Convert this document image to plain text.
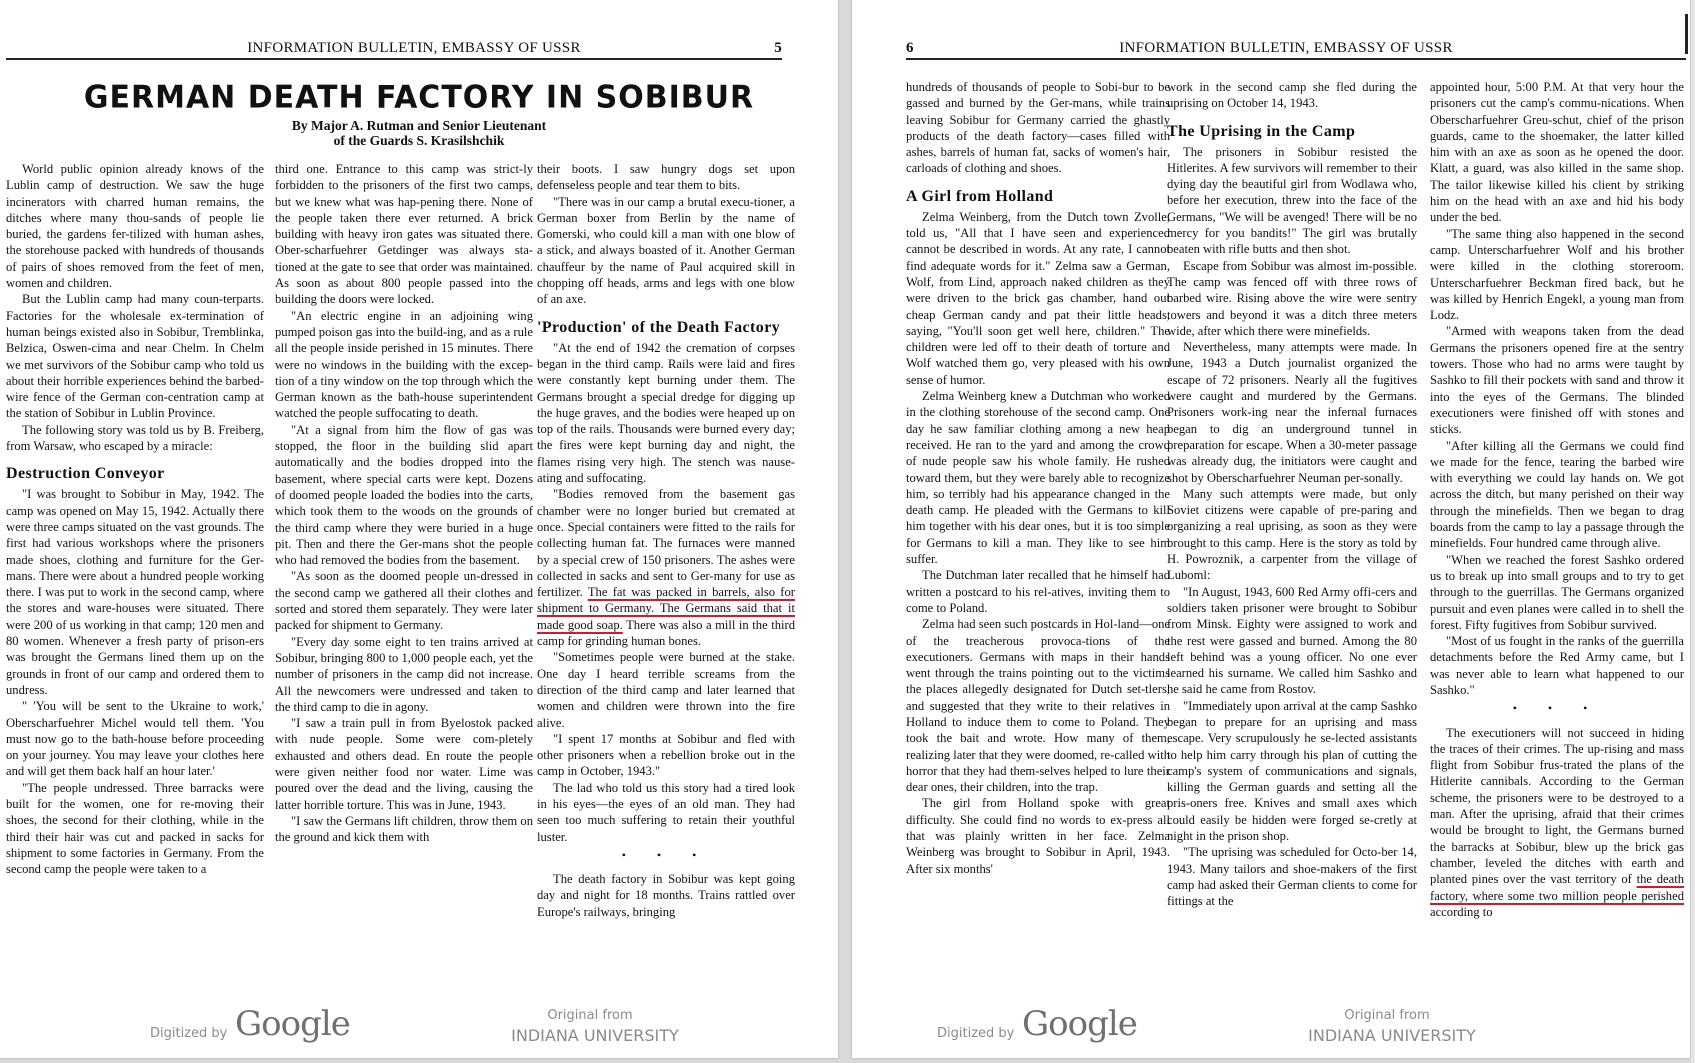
INFORMATION BULLETIN, EMBASSY OF USSR	5
GERMAN DEATH FACTORY IN SOBIBUR
By Major A. Rutman and Senior Lieutenant
of the Guards S. Krasilshchik

World public opinion already knows of the Lublin camp of destruction. We saw the huge incinerators with charred human remains, the ditches where many thou-sands of people lie buried, the gardens fer-tilized with human ashes, the storehouse packed with hundreds of thousands of pairs of shoes removed from the feet of men, women and children.

But the Lublin camp had many coun-terparts. Factories for the wholesale ex-termination of human beings existed also in Sobibur, Tremblinka, Belzica, Oswen-cima and near Chelm. In Chelm we met survivors of the Sobibur camp who told us about their horrible experiences behind the barbed-wire fence of the German con-centration camp at the station of Sobibur in Lublin Province.

The following story was told us by B. Freiberg, from Warsaw, who escaped by a miracle:

Destruction Conveyor

"I was brought to Sobibur in May, 1942. The camp was opened on May 15, 1942. Actually there were three camps situated on the vast grounds. The first had various workshops where the prisoners made shoes, clothing and furniture for the Ger-mans. There were about a hundred people working there. I was put to work in the second camp, where the stores and ware-houses were situated. There were 200 of us working in that camp; 120 men and 80 women. Whenever a fresh party of prison-ers was brought the Germans lined them up on the grounds in front of our camp and ordered them to undress.

" 'You will be sent to the Ukraine to work,' Oberscharfuehrer Michel would tell them. 'You must now go to the bath-house before proceeding on your journey. You may leave your clothes here and will get them back half an hour later.'

"The people undressed. Three barracks were built for the women, one for re-moving their shoes, the second for their clothing, while in the third their hair was cut and packed in sacks for shipment to some factories in Germany. From the second camp the people were taken to a

third one. Entrance to this camp was strict-ly forbidden to the prisoners of the first two camps, but we knew what was hap-pening there. None of the people taken there ever returned. A brick building with heavy iron gates was situated there. Ober-scharfuehrer Getdinger was always sta-tioned at the gate to see that order was maintained. As soon as about 800 people passed into the building the doors were locked.

"An electric engine in an adjoining wing pumped poison gas into the build-ing, and as a rule all the people inside perished in 15 minutes. There were no windows in the building with the excep-tion of a tiny window on the top through which the German known as the bath-house superintendent watched the people suffocating to death.

"At a signal from him the flow of gas was stopped, the floor in the building slid apart automatically and the bodies dropped into the basement, where special carts were kept. Dozens of doomed people loaded the bodies into the carts, which took them to the woods on the grounds of the third camp where they were buried in a huge pit. Then and there the Ger-mans shot the people who had removed the bodies from the basement.

"As soon as the doomed people un-dressed in the second camp we gathered all their clothes and sorted and stored them separately. They were later packed for shipment to Germany.

"Every day some eight to ten trains arrived at Sobibur, bringing 800 to 1,000 people each, yet the number of prisoners in the camp did not increase. All the newcomers were undressed and taken to the third camp to die in agony.

"I saw a train pull in from Byelostok packed with nude people. Some were com-pletely exhausted and others dead. En route the people were given neither food nor water. Lime was poured over the dead and the living, causing the latter horrible torture. This was in June, 1943.

"I saw the Germans lift children, throw them on the ground and kick them with

their boots. I saw hungry dogs set upon defenseless people and tear them to bits.

"There was in our camp a brutal execu-tioner, a German boxer from Berlin by the name of Gomerski, who could kill a man with one blow of a stick, and always boasted of it. Another German chauffeur by the name of Paul acquired skill in chopping off heads, arms and legs with one blow of an axe.

'Production' of the Death Factory

"At the end of 1942 the cremation of corpses began in the third camp. Rails were laid and fires were constantly kept burning under them. The Germans brought a special dredge for digging up the huge graves, and the bodies were heaped up on top of the rails. Thousands were burned every day; the fires were kept burning day and night, the flames rising very high. The stench was nause-ating and suffocating.

"Bodies removed from the basement gas chamber were no longer buried but cremated at once. Special containers were fitted to the rails for collecting human fat. The furnaces were manned by a special crew of 150 prisoners. The ashes were collected in sacks and sent to Ger-many for use as fertilizer. The fat was packed in barrels, also for shipment to Germany. The Germans said that it made good soap. There was also a mill in the third camp for grinding human bones.

"Sometimes people were burned at the stake. One day I heard terrible screams from the direction of the third camp and later learned that women and children were thrown into the fire alive.

"I spent 17 months at Sobibur and fled with other prisoners when a rebellion broke out in the camp in October, 1943."

The lad who told us this story had a tired look in his eyes—the eyes of an old man. They had seen too much suffering to retain their youthful luster.

• • •

The death factory in Sobibur was kept going day and night for 18 months. Trains rattled over Europe's railways, bringing

Digitized by Google	Original from
INDIANA UNIVERSITY
6	INFORMATION BULLETIN, EMBASSY OF USSR

hundreds of thousands of people to Sobi-bur to be gassed and burned by the Ger-mans, while trains leaving Sobibur for Germany carried the ghastly products of the death factory—cases filled with ashes, barrels of human fat, sacks of women's hair, carloads of clothing and shoes.

A Girl from Holland

Zelma Weinberg, from the Dutch town Zvolle, told us, "All that I have seen and experienced cannot be described in words. At any rate, I cannot find adequate words for it." Zelma saw a German, Wolf, from Lind, approach naked children as they were driven to the brick gas chamber, hand out cheap German candy and pat their little heads, saying, "You'll soon get well here, children." The children were led off to their death of torture and Wolf watched them go, very pleased with his own sense of humor.

Zelma Weinberg knew a Dutchman who worked in the clothing storehouse of the second camp. One day he saw familiar clothing among a new heap received. He ran to the yard and among the crowd of nude people saw his whole family. He rushed toward them, but they were barely able to recognize him, so terribly had his appearance changed in the death camp. He pleaded with the Germans to kill him together with his dear ones, but it is too simple for Germans to kill a man. They like to see him suffer.

The Dutchman later recalled that he himself had written a postcard to his rel-atives, inviting them to come to Poland.

Zelma had seen such postcards in Hol-land—one of the treacherous provoca-tions of the executioners. Germans with maps in their hands went through the trains pointing out to the victims the places allegedly designated for Dutch set-tlers, and suggested that they write to their relatives in Holland to induce them to come to Poland. They took the bait and wrote. How many of them, realizing later that they were doomed, re-called with horror that they had them-selves helped to lure their dear ones, their children, into the trap.

The girl from Holland spoke with great difficulty. She could find no words to ex-press all that was plainly written in her face. Zelma Weinberg was brought to Sobibur in April, 1943. After six months'

work in the second camp she fled during the uprising on October 14, 1943.

The Uprising in the Camp

The prisoners in Sobibur resisted the Hitlerites. A few survivors will remember to their dying day the beautiful girl from Wodlawa who, before her execution, threw into the face of the Germans, "We will be avenged! There will be no mercy for you bandits!" The girl was brutally beaten with rifle butts and then shot.

Escape from Sobibur was almost im-possible. The camp was fenced off with three rows of barbed wire. Rising above the wire were sentry towers and beyond it was a ditch three meters wide, after which there were minefields.

Nevertheless, many attempts were made. In June, 1943 a Dutch journalist organized the escape of 72 prisoners. Nearly all the fugitives were caught and murdered by the Germans. Prisoners work-ing near the infernal furnaces began to dig an underground tunnel in preparation for escape. When a 30-meter passage was already dug, the initiators were caught and shot by Oberscharfuehrer Neuman per-sonally.

Many such attempts were made, but only Soviet citizens were capable of pre-paring and organizing a real uprising, as soon as they were brought to this camp. Here is the story as told by H. Powroznik, a carpenter from the village of Luboml:

"In August, 1943, 600 Red Army offi-cers and soldiers taken prisoner were brought to Sobibur from Minsk. Eighty were assigned to work and the rest were gassed and burned. Among the 80 left behind was a young officer. No one ever learned his surname. We called him Sashko and he said he came from Rostov.

"Immediately upon arrival at the camp Sashko began to prepare for an uprising and mass escape. Very scrupulously he se-lected assistants to help him carry through his plan of cutting the camp's system of communications and signals, killing the German guards and setting all the pris-oners free. Knives and small axes which could easily be hidden were forged se-cretly at night in the prison shop.

"The uprising was scheduled for Octo-ber 14, 1943. Many tailors and shoe-makers of the first camp had asked their German clients to come for fittings at the

appointed hour, 5:00 P.M. At that very hour the prisoners cut the camp's commu-nications. When Oberscharfuehrer Greu-schut, chief of the prison guards, came to the shoemaker, the latter killed him with an axe as soon as he opened the door. Klatt, a guard, was also killed in the same shop. The tailor likewise killed his client by striking him on the head with an axe and hid his body under the bed.

"The same thing also happened in the second camp. Unterscharfuehrer Wolf and his brother were killed in the clothing storeroom. Unterscharfuehrer Beckman fired back, but he was killed by Henrich Engekl, a young man from Lodz.

"Armed with weapons taken from the dead Germans the prisoners opened fire at the sentry towers. Those who had no arms were taught by Sashko to fill their pockets with sand and throw it into the eyes of the Germans. The blinded executioners were finished off with stones and sticks.

"After killing all the Germans we could find we made for the fence, tearing the barbed wire with everything we could lay hands on. We got across the ditch, but many perished on their way through the minefields. Then we began to drag boards from the camp to lay a passage through the minefields. Four hundred came through alive.

"When we reached the forest Sashko ordered us to break up into small groups and to try to get through to the guerrillas. The Germans organized pursuit and even planes were called in to shell the forest. Fifty fugitives from Sobibur survived.

"Most of us fought in the ranks of the guerrilla detachments before the Red Army came, but I was never able to learn what happened to our Sashko."

• • •

The executioners will not succeed in hiding the traces of their crimes. The up-rising and mass flight from Sobibur frus-trated the plans of the Hitlerite cannibals. According to the German scheme, the prisoners were to be destroyed to a man. After the uprising, afraid that their crimes would be brought to light, the Germans burned the barracks at Sobibur, blew up the brick gas chamber, leveled the ditches with earth and planted pines over the vast territory of the death factory, where some two million people perished according to

Digitized by Google	Original from
INDIANA UNIVERSITY
